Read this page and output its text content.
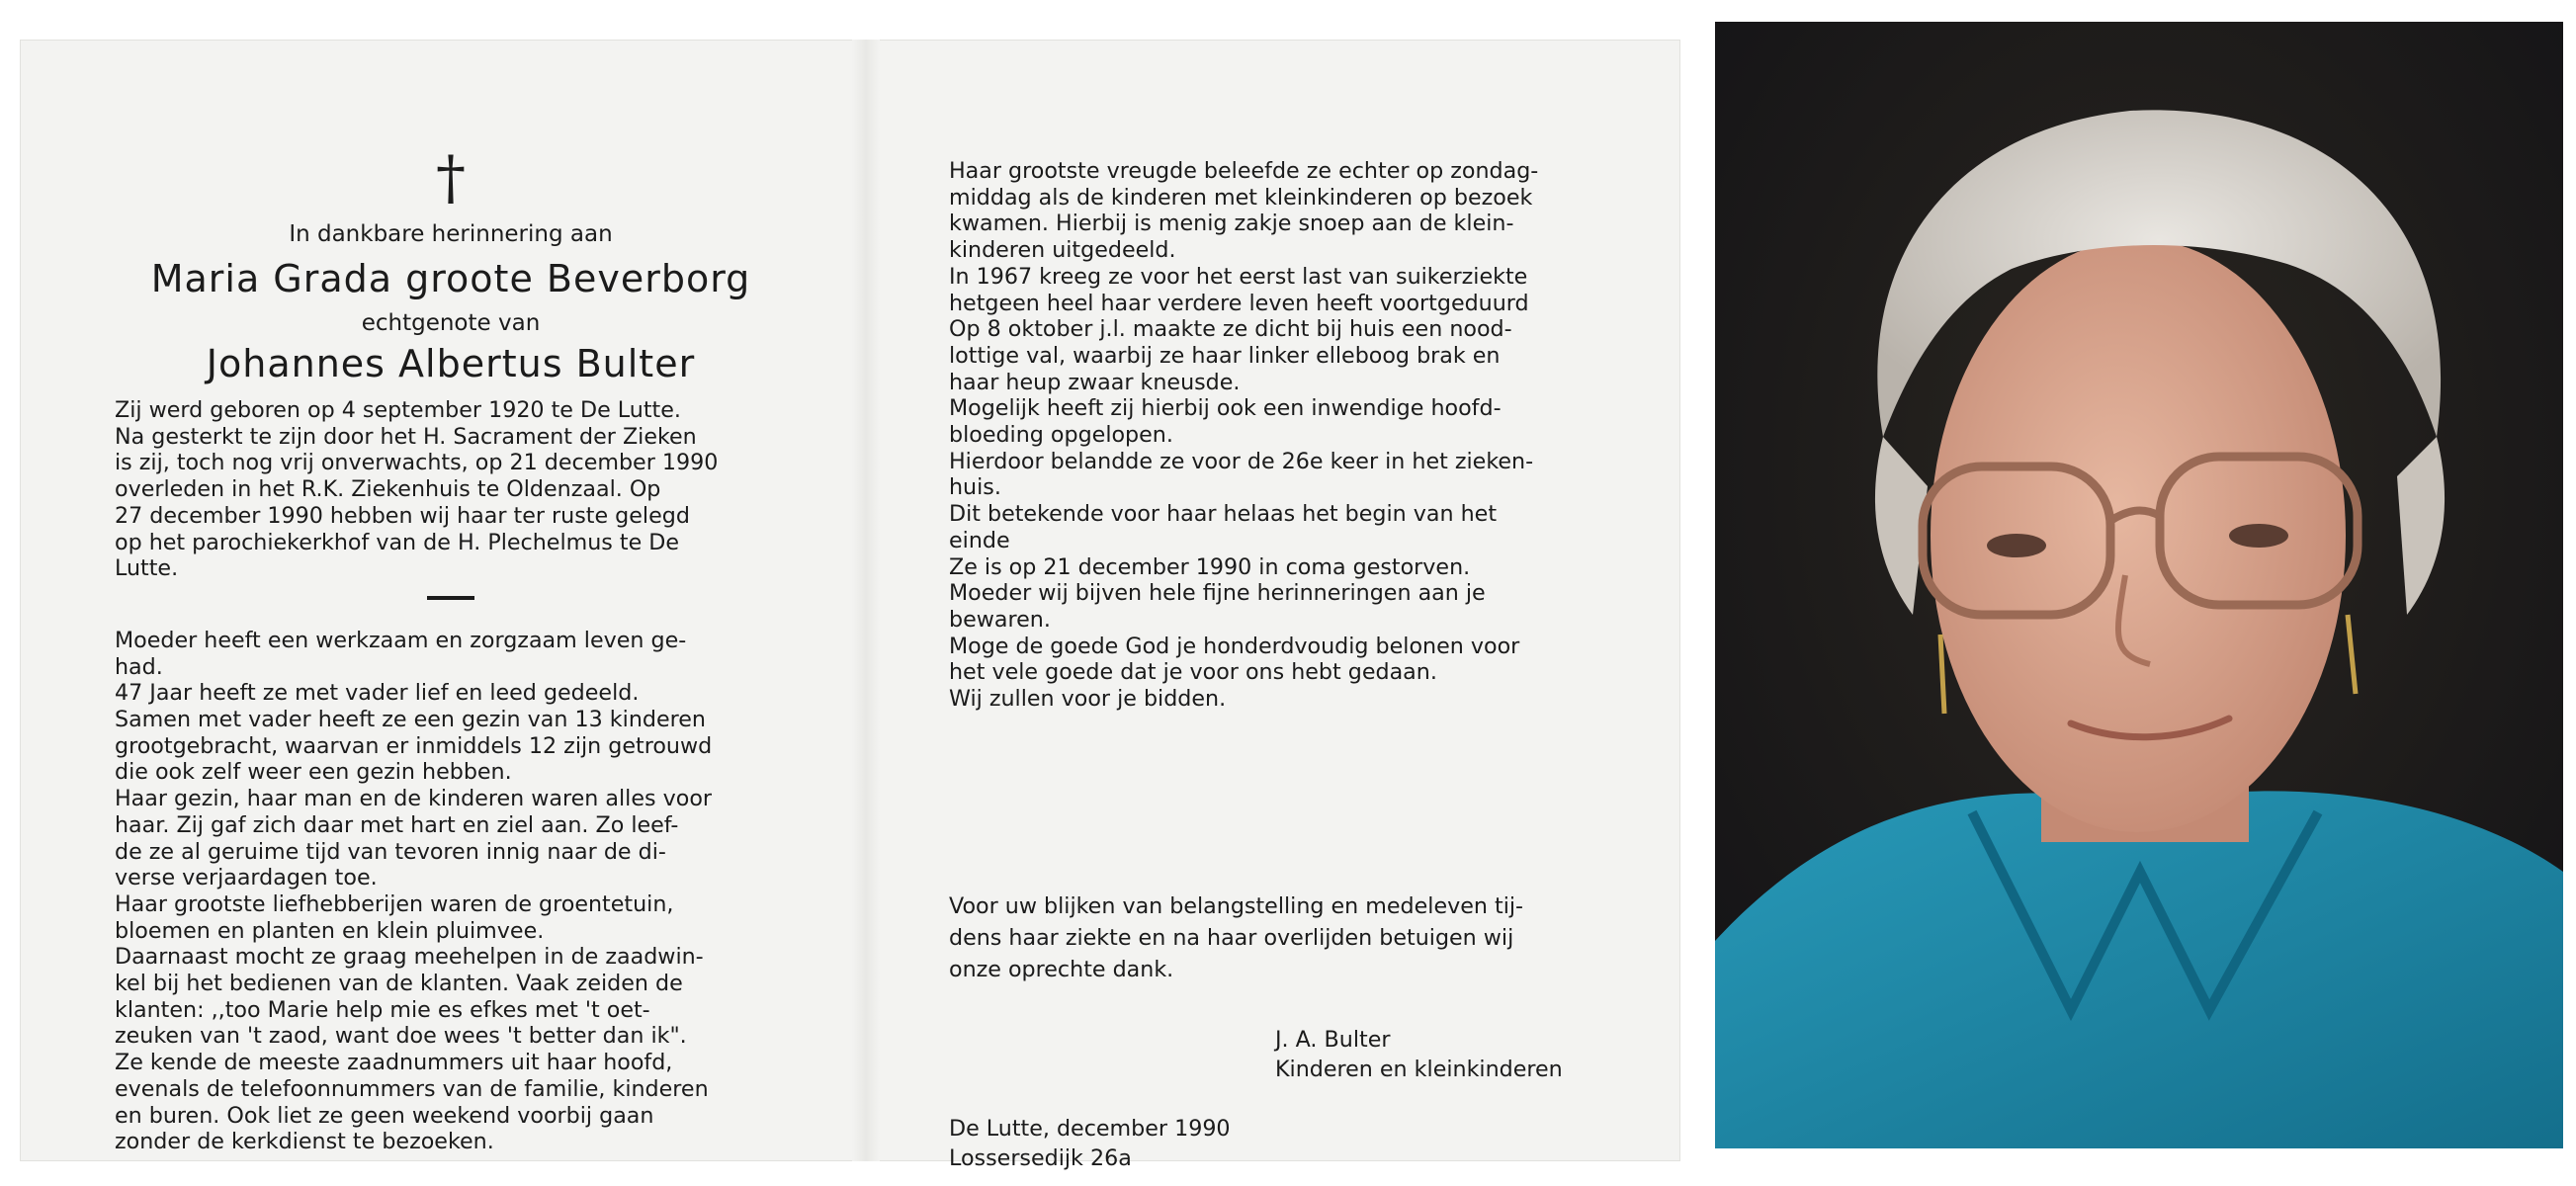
†
In dankbare herinnering aan
Maria Grada groote Beverborg
echtgenote van
Johannes Albertus Bulter

Zij werd geboren op 4 september 1920 te De Lutte.
Na gesterkt te zijn door het H. Sacrament der Zieken
is zij, toch nog vrij onverwachts, op 21 december 1990
overleden in het R.K. Ziekenhuis te Oldenzaal. Op
27 december 1990 hebben wij haar ter ruste gelegd
op het parochiekerkhof van de H. Plechelmus te De
Lutte.

Moeder heeft een werkzaam en zorgzaam leven ge-
had.
47 Jaar heeft ze met vader lief en leed gedeeld.
Samen met vader heeft ze een gezin van 13 kinderen
grootgebracht, waarvan er inmiddels 12 zijn getrouwd
die ook zelf weer een gezin hebben.
Haar gezin, haar man en de kinderen waren alles voor
haar. Zij gaf zich daar met hart en ziel aan. Zo leef-
de ze al geruime tijd van tevoren innig naar de di-
verse verjaardagen toe.
Haar grootste liefhebberijen waren de groentetuin,
bloemen en planten en klein pluimvee.
Daarnaast mocht ze graag meehelpen in de zaadwin-
kel bij het bedienen van de klanten. Vaak zeiden de
klanten: ,,too Marie help mie es efkes met 't oet-
zeuken van 't zaod, want doe wees 't better dan ik".
Ze kende de meeste zaadnummers uit haar hoofd,
evenals de telefoonnummers van de familie, kinderen
en buren. Ook liet ze geen weekend voorbij gaan
zonder de kerkdienst te bezoeken.

Haar grootste vreugde beleefde ze echter op zondag-
middag als de kinderen met kleinkinderen op bezoek
kwamen. Hierbij is menig zakje snoep aan de klein-
kinderen uitgedeeld.
In 1967 kreeg ze voor het eerst last van suikerziekte
hetgeen heel haar verdere leven heeft voortgeduurd
Op 8 oktober j.l. maakte ze dicht bij huis een nood-
lottige val, waarbij ze haar linker elleboog brak en
haar heup zwaar kneusde.
Mogelijk heeft zij hierbij ook een inwendige hoofd-
bloeding opgelopen.
Hierdoor belandde ze voor de 26e keer in het zieken-
huis.
Dit betekende voor haar helaas het begin van het
einde
Ze is op 21 december 1990 in coma gestorven.
Moeder wij bijven hele fijne herinneringen aan je
bewaren.
Moge de goede God je honderdvoudig belonen voor
het vele goede dat je voor ons hebt gedaan.
Wij zullen voor je bidden.

Voor uw blijken van belangstelling en medeleven tij-
dens haar ziekte en na haar overlijden betuigen wij
onze oprechte dank.

J. A. Bulter
Kinderen en kleinkinderen
De Lutte, december 1990
Lossersedijk 26a
